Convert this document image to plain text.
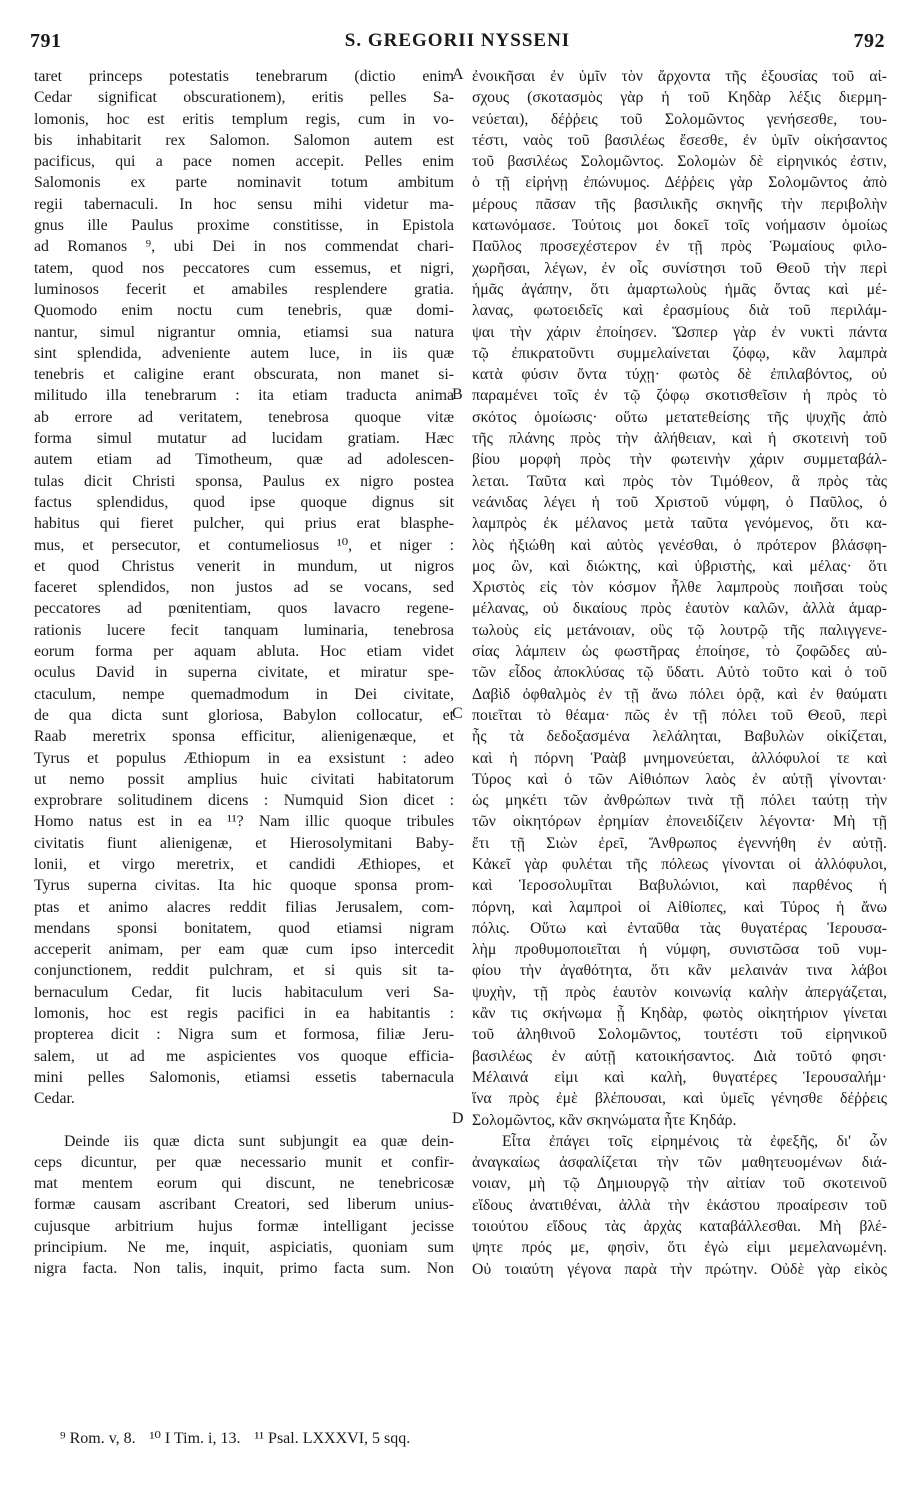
791	S. GREGORII NYSSENI	792
taret princeps potestatis tenebrarum (dictio enim
Cedar significat obscurationem), eritis pelles Sa-
lomonis, hoc est eritis templum regis, cum in vo-
bis inhabitarit rex Salomon. Salomon autem est
pacificus, qui a pace nomen accepit. Pelles enim
Salomonis ex parte nominavit totum ambitum
regii tabernaculi. In hoc sensu mihi videtur ma-
gnus ille Paulus proxime constitisse, in Epistola
ad Romanos ⁹, ubi Dei in nos commendat chari-
tatem, quod nos peccatores cum essemus, et nigri,
luminosos fecerit et amabiles resplendere gratia.
Quomodo enim noctu cum tenebris, quæ domi-
nantur, simul nigrantur omnia, etiamsi sua natura
sint splendida, adveniente autem luce, in iis quæ
tenebris et caligine erant obscurata, non manet si-
militudo illa tenebrarum : ita etiam traducta anima
ab errore ad veritatem, tenebrosa quoque vitæ
forma simul mutatur ad lucidam gratiam. Hæc
autem etiam ad Timotheum, quæ ad adolescen-
tulas dicit Christi sponsa, Paulus ex nigro postea
factus splendidus, quod ipse quoque dignus sit
habitus qui fieret pulcher, qui prius erat blasphe-
mus, et persecutor, et contumeliosus ¹⁰, et niger :
et quod Christus venerit in mundum, ut nigros
faceret splendidos, non justos ad se vocans, sed
peccatores ad pœnitentiam, quos lavacro regene-
rationis lucere fecit tanquam luminaria, tenebrosa
eorum forma per aquam abluta. Hoc etiam videt
oculus David in superna civitate, et miratur spe-
ctaculum, nempe quemadmodum in Dei civitate,
de qua dicta sunt gloriosa, Babylon collocatur, et
Raab meretrix sponsa efficitur, alienigenæque, et
Tyrus et populus Æthiopum in ea exsistunt : adeo
ut nemo possit amplius huic civitati habitatorum
exprobrare solitudinem dicens : Numquid Sion dicet :
Homo natus est in ea ¹¹? Nam illic quoque tribules
civitatis fiunt alienigenæ, et Hierosolymitani Baby-
lonii, et virgo meretrix, et candidi Æthiopes, et
Tyrus superna civitas. Ita hic quoque sponsa prom-
ptas et animo alacres reddit filias Jerusalem, com-
mendans sponsi bonitatem, quod etiamsi nigram
acceperit animam, per eam quæ cum ipso intercedit
conjunctionem, reddit pulchram, et si quis sit ta-
bernaculum Cedar, fit lucis habitaculum veri Sa-
lomonis, hoc est regis pacifici in ea habitantis :
propterea dicit : Nigra sum et formosa, filiæ Jeru-
salem, ut ad me aspicientes vos quoque efficia-
mini pelles Salomonis, etiamsi essetis tabernacula
Cedar.
Deinde iis quæ dicta sunt subjungit ea quæ dein-
ceps dicuntur, per quæ necessario munit et confir-
mat mentem eorum qui discunt, ne tenebricosæ
formæ causam ascribant Creatori, sed liberum unius-
cujusque arbitrium hujus formæ intelligant jecisse
principium. Ne me, inquit, aspiciatis, quoniam sum
nigra facta. Non talis, inquit, primo facta sum. Non
ἐνοικῆσαι ἐν ὑμῖν τὸν ἄρχοντα τῆς ἐξουσίας τοῦ αἰ-
σχους (σκοτασμὸς γὰρ ἡ τοῦ Κηδὰρ λέξις διερμη-
νεύεται), δέῤῥεις τοῦ Σολομῶντος γενήσεσθε, του-
τέστι, ναὸς τοῦ βασιλέως ἔσεσθε, ἐν ὑμῖν οἰκήσαντος
τοῦ βασιλέως Σολομῶντος. Σολομὼν δὲ εἰρηνικός ἐστιν,
ὁ τῇ εἰρήνῃ ἐπώνυμος. Δέῤῥεις γὰρ Σολομῶντος ἀπὸ
μέρους πᾶσαν τῆς βασιλικῆς σκηνῆς τὴν περιβολὴν
κατωνόμασε. Τούτοις μοι δοκεῖ τοῖς νοήμασιν ὁμοίως
Παῦλος προσεχέστερον ἐν τῇ πρὸς Ῥωμαίους φιλο-
χωρῆσαι, λέγων, ἐν οἷς συνίστησι τοῦ Θεοῦ τὴν περὶ
ἡμᾶς ἀγάπην, ὅτι ἁμαρτωλοὺς ἡμᾶς ὄντας καὶ μέ-
λανας, φωτοειδεῖς καὶ ἐρασμίους διὰ τοῦ περιλάμ-
ψαι τὴν χάριν ἐποίησεν. Ὥσπερ γὰρ ἐν νυκτὶ πάντα
τῷ ἐπικρατοῦντι συμμελαίνεται ζόφῳ, κἂν λαμπρὰ
κατὰ φύσιν ὄντα τύχῃ· φωτὸς δὲ ἐπιλαβόντος, οὐ
παραμένει τοῖς ἐν τῷ ζόφῳ σκοτισθεῖσιν ἡ πρὸς τὸ
σκότος ὁμοίωσις· οὕτω μετατεθείσης τῆς ψυχῆς ἀπὸ
τῆς πλάνης πρὸς τὴν ἀλήθειαν, καὶ ἡ σκοτεινὴ τοῦ
βίου μορφὴ πρὸς τὴν φωτεινὴν χάριν συμμεταβάλ-
λεται. Ταῦτα καὶ πρὸς τὸν Τιμόθεον, ἃ πρὸς τὰς
νεάνιδας λέγει ἡ τοῦ Χριστοῦ νύμφη, ὁ Παῦλος, ὁ
λαμπρὸς ἐκ μέλανος μετὰ ταῦτα γενόμενος, ὅτι κα-
λὸς ἠξιώθη καὶ αὐτὸς γενέσθαι, ὁ πρότερον βλάσφη-
μος ὢν, καὶ διώκτης, καὶ ὑβριστὴς, καὶ μέλας· ὅτι
Χριστὸς εἰς τὸν κόσμον ἦλθε λαμπροὺς ποιῆσαι τοὺς
μέλανας, οὐ δικαίους πρὸς ἑαυτὸν καλῶν, ἀλλὰ ἁμαρ-
τωλοὺς εἰς μετάνοιαν, οὓς τῷ λουτρῷ τῆς παλιγγενε-
σίας λάμπειν ὡς φωστῆρας ἐποίησε, τὸ ζοφῶδες αὐ-
τῶν εἶδος ἀποκλύσας τῷ ὕδατι. Αὐτὸ τοῦτο καὶ ὁ τοῦ
Δαβὶδ ὀφθαλμὸς ἐν τῇ ἄνω πόλει ὁρᾷ, καὶ ἐν θαύματι
ποιεῖται τὸ θέαμα· πῶς ἐν τῇ πόλει τοῦ Θεοῦ, περὶ
ἧς τὰ δεδοξασμένα λελάληται, Βαβυλὼν οἰκίζεται,
καὶ ἡ πόρνη Ῥαὰβ μνημονεύεται, ἀλλόφυλοί τε καὶ
Τύρος καὶ ὁ τῶν Αἰθιόπων λαὸς ἐν αὐτῇ γίνονται·
ὡς μηκέτι τῶν ἀνθρώπων τινὰ τῇ πόλει ταύτῃ τὴν
τῶν οἰκητόρων ἐρημίαν ἐπονειδίζειν λέγοντα· Μὴ τῇ
ἔτι τῇ Σιὼν ἐρεῖ, Ἄνθρωπος ἐγεννήθη ἐν αὐτῇ.
Κἀκεῖ γὰρ φυλέται τῆς πόλεως γίνονται οἱ ἀλλόφυλοι,
καὶ Ἱεροσολυμῖται Βαβυλώνιοι, καὶ παρθένος ἡ
πόρνη, καὶ λαμπροὶ οἱ Αἰθίοπες, καὶ Τύρος ἡ ἄνω
πόλις. Οὕτω καὶ ἐνταῦθα τὰς θυγατέρας Ἱερουσα-
λὴμ προθυμοποιεῖται ἡ νύμφη, συνιστῶσα τοῦ νυμ-
φίου τὴν ἀγαθότητα, ὅτι κἂν μελαινάν τινα λάβοι
ψυχὴν, τῇ πρὸς ἑαυτὸν κοινωνίᾳ καλὴν ἀπεργάζεται,
κἂν τις σκήνωμα ᾖ Κηδὰρ, φωτὸς οἰκητήριον γίνεται
τοῦ ἀληθινοῦ Σολομῶντος, τουτέστι τοῦ εἰρηνικοῦ
βασιλέως ἐν αὐτῇ κατοικήσαντος. Διὰ τοῦτό φησι·
Μέλαινά εἰμι καὶ καλὴ, θυγατέρες Ἱερουσαλήμ·
ἵνα πρὸς ἐμὲ βλέπουσαι, καὶ ὑμεῖς γένησθε δέῤῥεις
Σολομῶντος, κἂν σκηνώματα ἦτε Κηδάρ.
Εἶτα ἐπάγει τοῖς εἰρημένοις τὰ ἐφεξῆς, δι' ὧν
ἀναγκαίως ἀσφαλίζεται τὴν τῶν μαθητευομένων διά-
νοιαν, μὴ τῷ Δημιουργῷ τὴν αἰτίαν τοῦ σκοτεινοῦ
εἴδους ἀνατιθέναι, ἀλλὰ τὴν ἑκάστου προαίρεσιν τοῦ
τοιούτου εἴδους τὰς ἀρχὰς καταβάλλεσθαι. Μὴ βλέ-
ψητε πρός με, φησὶν, ὅτι ἐγὼ εἰμι μεμελανωμένη.
Οὐ τοιαύτη γέγονα παρὰ τὴν πρώτην. Οὐδὲ γὰρ εἰκὸς
A
B
C
D
⁹ Rom. v, 8. ¹⁰ I Tim. i, 13. ¹¹ Psal. LXXXVI, 5 sqq.
